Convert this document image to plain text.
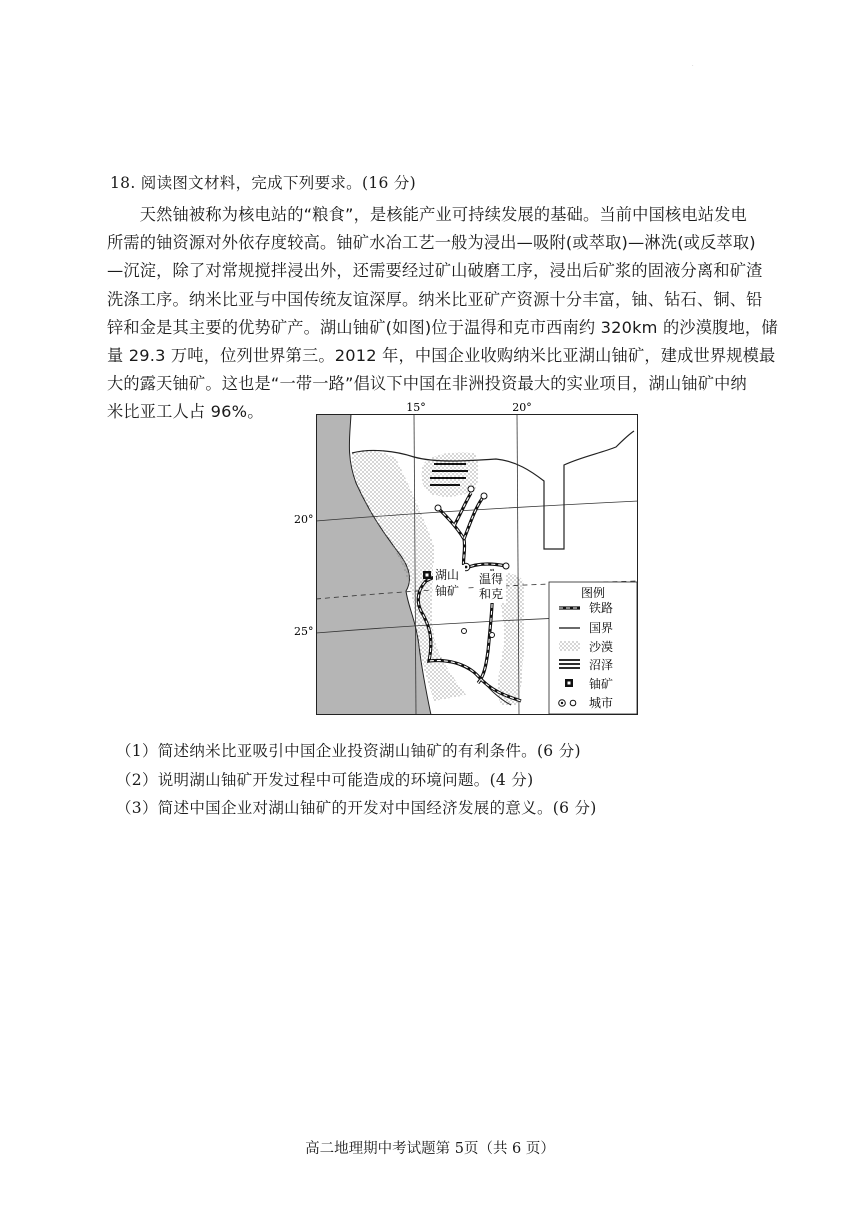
.
18. 阅读图文材料，完成下列要求。(16 分)
　　天然铀被称为核电站的“粮食”，是核能产业可持续发展的基础。当前中国核电站发电
所需的铀资源对外依存度较高。铀矿水冶工艺一般为浸出—吸附(或萃取)—淋洗(或反萃取)
—沉淀，除了对常规搅拌浸出外，还需要经过矿山破磨工序，浸出后矿浆的固液分离和矿渣
洗涤工序。纳米比亚与中国传统友谊深厚。纳米比亚矿产资源十分丰富，铀、钻石、铜、铅
锌和金是其主要的优势矿产。湖山铀矿(如图)位于温得和克市西南约 320km 的沙漠腹地，储
量 29.3 万吨，位列世界第三。2012 年，中国企业收购纳米比亚湖山铀矿，建成世界规模最
大的露天铀矿。这也是“一带一路”倡议下中国在非洲投资最大的实业项目，湖山铀矿中纳
米比亚工人占 96%。	15°	20°
20°
25°
湖山
铀矿
温得
和克	图例
铁路
国界
沙漠
沼泽
铀矿
城市
（1）简述纳米比亚吸引中国企业投资湖山铀矿的有利条件。(6 分)
（2）说明湖山铀矿开发过程中可能造成的环境问题。(4 分)
（3）简述中国企业对湖山铀矿的开发对中国经济发展的意义。(6 分)
高二地理期中考试题第 5页（共 6 页）
